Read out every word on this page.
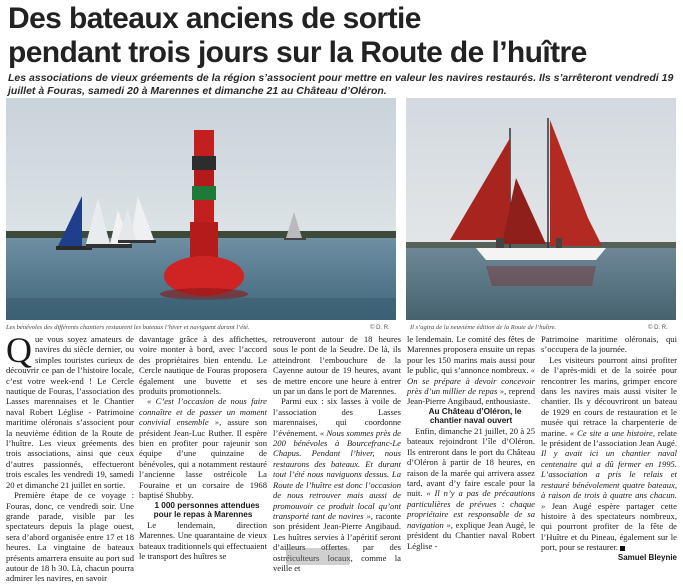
Des bateaux anciens de sortie
pendant trois jours sur la Route de l’huître

Les associations de vieux gréements de la région s’associent pour mettre en valeur les navires restaurés. Ils s’arrêteront vendredi 19 juillet à Fouras, samedi 20 à Marennes et dimanche 21 au Château d’Oléron.

Les bénévoles des différents chantiers restaurent les bateaux l’hiver et naviguent durant l’été.	© D. R.	Il s’agira de la neuvième édition de la Route de l’huître.	© D. R.

Que vous soyez amateurs de navires du siècle dernier, ou simples touristes curieux de découvrir ce pan de l’histoire locale, c’est votre week-end ! Le Cercle nautique de Fouras, l’association des Lasses marennaises et le Chantier naval Robert Léglise - Patrimoine maritime oléronais s’associent pour la neuvième édition de la Route de l’huître. Les vieux gréements des trois associations, ainsi que ceux d’autres passionnés, effectueront trois escales les vendredi 19, samedi 20 et dimanche 21 juillet en sortie.

Première étape de ce voyage : Fouras, donc, ce vendredi soir. Une grande parade, visible par les spectateurs depuis la plage ouest, sera d’abord organisée entre 17 et 18 heures. La vingtaine de bateaux présents amarrera ensuite au port sud autour de 18 h 30. Là, chacun pourra admirer les navires, en savoir

davantage grâce à des affichettes, voire monter à bord, avec l’accord des propriétaires bien entendu. Le Cercle nautique de Fouras proposera également une buvette et ses produits promotionnels.

« C’est l’occasion de nous faire connaître et de passer un moment convivial ensemble », assure son président Jean-Luc Ruther. Il espère bien en profiter pour rajeunir son équipe d’une quinzaine de bénévoles, qui a notamment restauré l’ancienne lasse ostréicole La Fouraine et un corsaire de 1968 baptisé Shubby.

1 000 personnes attendues pour le repas à Marennes

Le lendemain, direction Marennes. Une quarantaine de vieux bateaux traditionnels qui effectuaient le transport des huîtres se

retrouveront autour de 18 heures sous le pont de la Seudre. De là, ils atteindront l’embouchure de la Cayenne autour de 19 heures, avant de mettre encore une heure à entrer un par un dans le port de Marennes.

Parmi eux : six lasses à voile de l’association des Lasses marennaises, qui coordonne l’événement. « Nous sommes près de 200 bénévoles à Bourcefranc-Le Chapus. Pendant l’hiver, nous restaurons des bateaux. Et durant tout l’été nous naviguons dessus. La Route de l’huître est donc l’occasion de nous retrouver mais aussi de promouvoir ce produit local qu’ont transporté tant de navires », raconte son président Jean-Pierre Angibaud. Les huîtres servies à l’apéritif seront d’ailleurs offertes par des ostréiculteurs locaux, comme la veille et

le lendemain. Le comité des fêtes de Marennes proposera ensuite un repas pour les 150 marins mais aussi pour le public, qui s’annonce nombreux. « On se prépare à devoir concevoir près d’un millier de repas », reprend Jean-Pierre Angibaud, enthousiaste.

Au Château d’Oléron, le chantier naval ouvert

Enfin, dimanche 21 juillet, 20 à 25 bateaux rejoindront l’île d’Oléron. Ils entreront dans le port du Château d’Oléron à partir de 18 heures, en raison de la marée qui arrivera assez tard, avant d’y faire escale pour la nuit. « Il n’y a pas de précautions particulières de prévues : chaque propriétaire est responsable de sa navigation », explique Jean Augé, le président du Chantier naval Robert Léglise -

Patrimoine maritime oléronais, qui s’occupera de la journée.

Les visiteurs pourront ainsi profiter de l’après-midi et de la soirée pour rencontrer les marins, grimper encore dans les navires mais aussi visiter le chantier. Ils y découvriront un bateau de 1929 en cours de restauration et le musée qui retrace la charpenterie de marine. « Ce site a une histoire, relate le président de l’association Jean Augé. Il y avait ici un chantier naval centenaire qui a dû fermer en 1995. L’association a pris le relais et restauré bénévolement quatre bateaux, à raison de trois à quatre ans chacun. » Jean Augé espère partager cette histoire à des spectateurs nombreux, qui pourront profiter de la fête de l’Huître et du Pineau, également sur le port, pour se restaurer.

Samuel Bleynie
